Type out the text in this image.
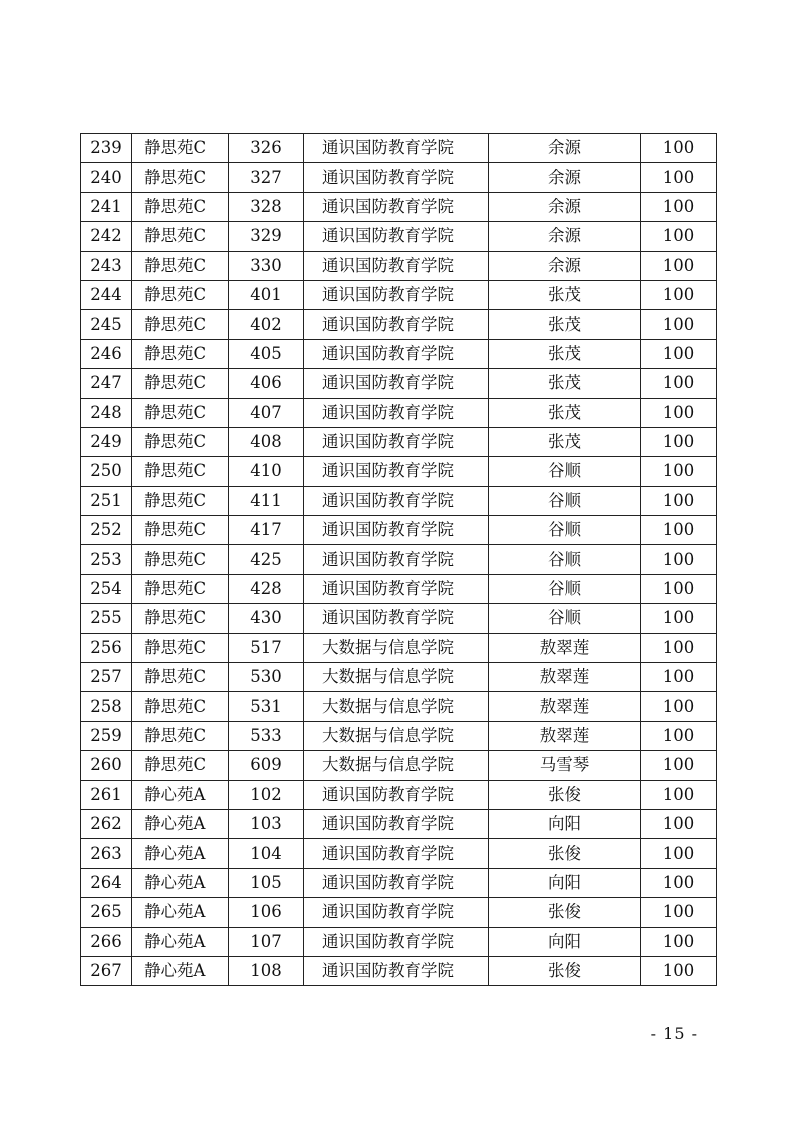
239	静思苑C	326	通识国防教育学院	余源	100
240	静思苑C	327	通识国防教育学院	余源	100
241	静思苑C	328	通识国防教育学院	余源	100
242	静思苑C	329	通识国防教育学院	余源	100
243	静思苑C	330	通识国防教育学院	余源	100
244	静思苑C	401	通识国防教育学院	张茂	100
245	静思苑C	402	通识国防教育学院	张茂	100
246	静思苑C	405	通识国防教育学院	张茂	100
247	静思苑C	406	通识国防教育学院	张茂	100
248	静思苑C	407	通识国防教育学院	张茂	100
249	静思苑C	408	通识国防教育学院	张茂	100
250	静思苑C	410	通识国防教育学院	谷顺	100
251	静思苑C	411	通识国防教育学院	谷顺	100
252	静思苑C	417	通识国防教育学院	谷顺	100
253	静思苑C	425	通识国防教育学院	谷顺	100
254	静思苑C	428	通识国防教育学院	谷顺	100
255	静思苑C	430	通识国防教育学院	谷顺	100
256	静思苑C	517	大数据与信息学院	敖翠莲	100
257	静思苑C	530	大数据与信息学院	敖翠莲	100
258	静思苑C	531	大数据与信息学院	敖翠莲	100
259	静思苑C	533	大数据与信息学院	敖翠莲	100
260	静思苑C	609	大数据与信息学院	马雪琴	100
261	静心苑A	102	通识国防教育学院	张俊	100
262	静心苑A	103	通识国防教育学院	向阳	100
263	静心苑A	104	通识国防教育学院	张俊	100
264	静心苑A	105	通识国防教育学院	向阳	100
265	静心苑A	106	通识国防教育学院	张俊	100
266	静心苑A	107	通识国防教育学院	向阳	100
267	静心苑A	108	通识国防教育学院	张俊	100
- 15 -
